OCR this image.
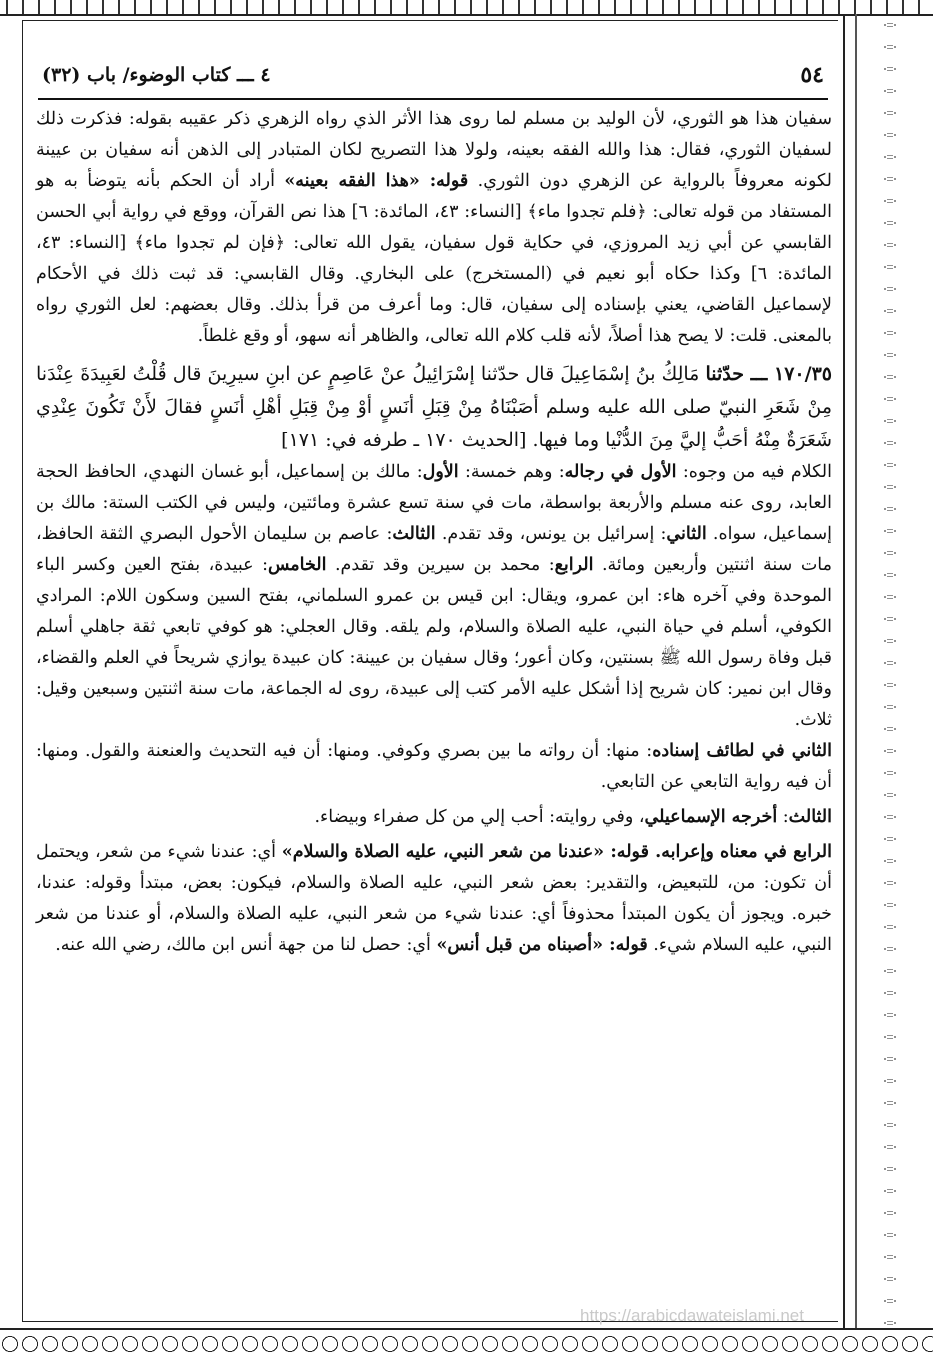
٥٤
٤ ـــ كتاب الوضوء/ باب (٣٢)

سفيان هذا هو الثوري، لأن الوليد بن مسلم لما روى هذا الأثر الذي رواه الزهري ذكر عقيبه بقوله: فذكرت ذلك لسفيان الثوري، فقال: هذا والله الفقه بعينه، ولولا هذا التصريح لكان المتبادر إلى الذهن أنه سفيان بن عيينة لكونه معروفاً بالرواية عن الزهري دون الثوري. قوله: «هذا الفقه بعينه» أراد أن الحكم بأنه يتوضأ به هو المستفاد من قوله تعالى: ﴿فلم تجدوا ماء﴾ [النساء: ٤٣، المائدة: ٦] هذا نص القرآن، ووقع في رواية أبي الحسن القابسي عن أبي زيد المروزي، في حكاية قول سفيان، يقول الله تعالى: ﴿فإن لم تجدوا ماء﴾ [النساء: ٤٣، المائدة: ٦] وكذا حكاه أبو نعيم في (المستخرج) على البخاري. وقال القابسي: قد ثبت ذلك في الأحكام لإسماعيل القاضي، يعني بإسناده إلى سفيان، قال: وما أعرف من قرأ بذلك. وقال بعضهم: لعل الثوري رواه بالمعنى. قلت: لا يصح هذا أصلاً، لأنه قلب كلام الله تعالى، والظاهر أنه سهو، أو وقع غلطاً.

١٧٠/٣٥ ـــ حدّثنا مَالِكُ بنُ إسْمَاعِيلَ قال حدّثنا إسْرَائِيلُ عنْ عَاصِمٍ عن ابنِ سيرِينَ قال قُلْتُ لعَبِيدَةَ عِنْدَنا مِنْ شَعَرِ النبيّ صلى الله عليه وسلم أصَبْنَاهُ مِنْ قِبَلِ أنَسٍ أوْ مِنْ قِبَلِ أهْلِ أنَسٍ فقالَ لأَنْ تَكُونَ عِنْدِي شَعَرَةٌ مِنْهُ أحَبُّ إليَّ مِنَ الدُّنْيا وما فيها. [الحديث ١٧٠ ـ طرفه في: ١٧١]

الكلام فيه من وجوه: الأول في رجاله: وهم خمسة: الأول: مالك بن إسماعيل، أبو غسان النهدي، الحافظ الحجة العابد، روى عنه مسلم والأربعة بواسطة، مات في سنة تسع عشرة ومائتين، وليس في الكتب الستة: مالك بن إسماعيل، سواه. الثاني: إسرائيل بن يونس، وقد تقدم. الثالث: عاصم بن سليمان الأحول البصري الثقة الحافظ، مات سنة اثنتين وأربعين ومائة. الرابع: محمد بن سيرين وقد تقدم. الخامس: عبيدة، بفتح العين وكسر الباء الموحدة وفي آخره هاء: ابن عمرو، ويقال: ابن قيس بن عمرو السلماني، بفتح السين وسكون اللام: المرادي الكوفي، أسلم في حياة النبي، عليه الصلاة والسلام، ولم يلقه. وقال العجلي: هو كوفي تابعي ثقة جاهلي أسلم قبل وفاة رسول الله ﷺ بسنتين، وكان أعور؛ وقال سفيان بن عيينة: كان عبيدة يوازي شريحاً في العلم والقضاء، وقال ابن نمير: كان شريح إذا أشكل عليه الأمر كتب إلى عبيدة، روى له الجماعة، مات سنة اثنتين وسبعين وقيل: ثلاث.

الثاني في لطائف إسناده: منها: أن رواته ما بين بصري وكوفي. ومنها: أن فيه التحديث والعنعنة والقول. ومنها: أن فيه رواية التابعي عن التابعي.

الثالث: أخرجه الإسماعيلي، وفي روايته: أحب إلي من كل صفراء وبيضاء.

الرابع في معناه وإعرابه. قوله: «عندنا من شعر النبي، عليه الصلاة والسلام» أي: عندنا شيء من شعر، ويحتمل أن تكون: من، للتبعيض، والتقدير: بعض شعر النبي، عليه الصلاة والسلام، فيكون: بعض، مبتدأ وقوله: عندنا، خبره. ويجوز أن يكون المبتدأ محذوفاً أي: عندنا شيء من شعر النبي، عليه الصلاة والسلام، أو عندنا من شعر النبي، عليه السلام شيء. قوله: «أصبناه من قبل أنس» أي: حصل لنا من جهة أنس ابن مالك، رضي الله عنه.

https://arabicdawateislami.net
